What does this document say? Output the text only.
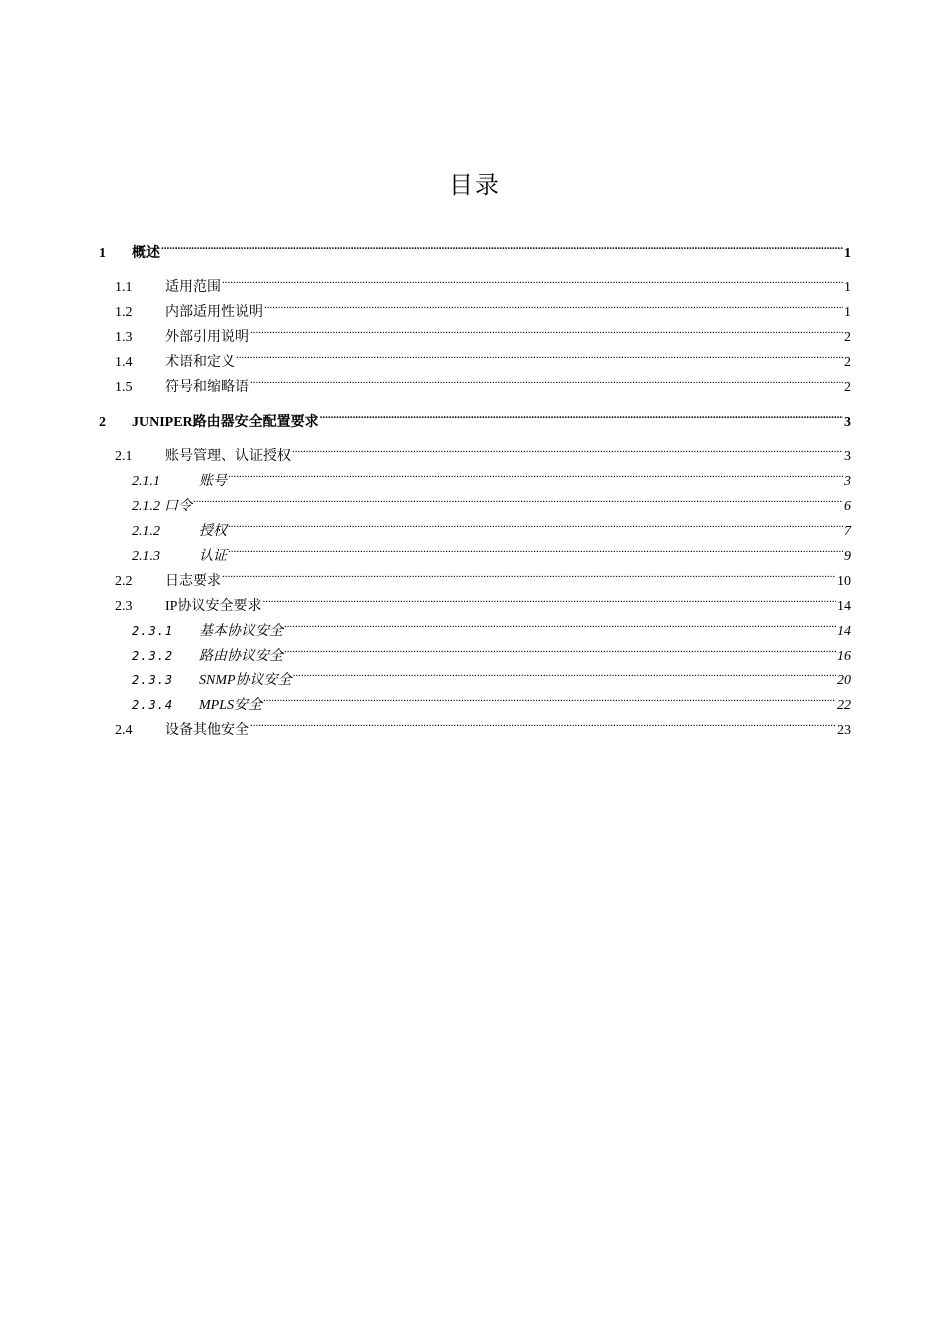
目录
1	概述 .....	1
1.1	适用范围 .....	1
1.2	内部适用性说明 .....	1
1.3	外部引用说明 .....	2
1.4	术语和定义 .....	2
1.5	符号和缩略语 .....	2
2	JUNIPER路由器安全配置要求 .....	3
2.1	账号管理、认证授权 .....	3
2.1.1	账号 .....	3
2.1.2 口令 .....	6
2.1.2	授权 .....	7
2.1.3	认证 .....	9
2.2	日志要求 .....	10
2.3	IP协议安全要求 .....	14
2.3.1	基本协议安全 .....	14
2.3.2	路由协议安全 .....	16
2.3.3	SNMP协议安全 .....	20
2.3.4	MPLS安全 .....	22
2.4	设备其他安全 .....	23
